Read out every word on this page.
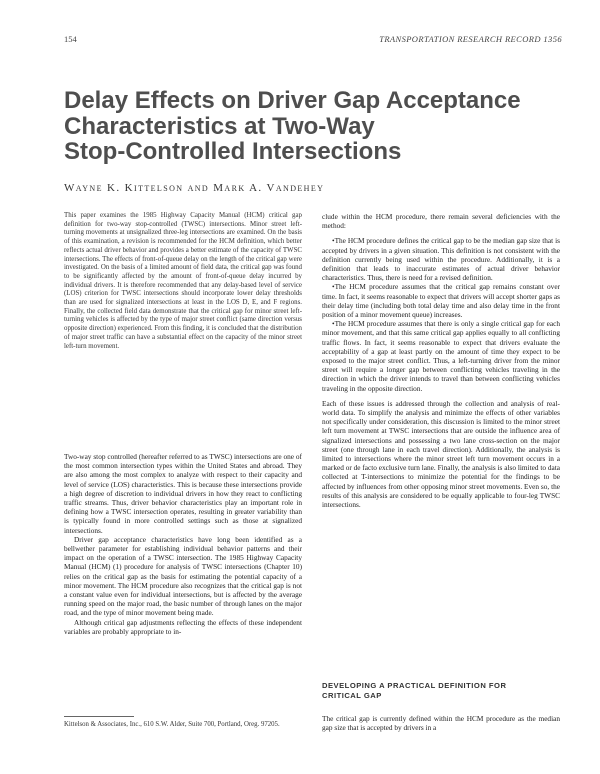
154	TRANSPORTATION RESEARCH RECORD 1356
Delay Effects on Driver Gap Acceptance
Characteristics at Two-Way
Stop-Controlled Intersections
Wayne K. Kittelson and Mark A. Vandehey

This paper examines the 1985 Highway Capacity Manual (HCM) critical gap definition for two-way stop-controlled (TWSC) intersections. Minor street left-turning movements at unsignalized three-leg intersections are examined. On the basis of this examination, a revision is recommended for the HCM definition, which better reflects actual driver behavior and provides a better estimate of the capacity of TWSC intersections. The effects of front-of-queue delay on the length of the critical gap were investigated. On the basis of a limited amount of field data, the critical gap was found to be significantly affected by the amount of front-of-queue delay incurred by individual drivers. It is therefore recommended that any delay-based level of service (LOS) criterion for TWSC intersections should incorporate lower delay thresholds than are used for signalized intersections at least in the LOS D, E, and F regions. Finally, the collected field data demonstrate that the critical gap for minor street left-turning vehicles is affected by the type of major street conflict (same direction versus opposite direction) experienced. From this finding, it is concluded that the distribution of major street traffic can have a substantial effect on the capacity of the minor street left-turn movement.

Two-way stop controlled (hereafter referred to as TWSC) intersections are one of the most common intersection types within the United States and abroad. They are also among the most complex to analyze with respect to their capacity and level of service (LOS) characteristics. This is because these intersections provide a high degree of discretion to individual drivers in how they react to conflicting traffic streams. Thus, driver behavior characteristics play an important role in defining how a TWSC intersection operates, resulting in greater variability than is typically found in more controlled settings such as those at signalized intersections.

Driver gap acceptance characteristics have long been identified as a bellwether parameter for establishing individual behavior patterns and their impact on the operation of a TWSC intersection. The 1985 Highway Capacity Manual (HCM) (1) procedure for analysis of TWSC intersections (Chapter 10) relies on the critical gap as the basis for estimating the potential capacity of a minor movement. The HCM procedure also recognizes that the critical gap is not a constant value even for individual intersections, but is affected by the average running speed on the major road, the basic number of through lanes on the major road, and the type of minor movement being made.

Although critical gap adjustments reflecting the effects of these independent variables are probably appropriate to in-

Kittelson & Associates, Inc., 610 S.W. Alder, Suite 700, Portland, Oreg. 97205.

clude within the HCM procedure, there remain several deficiencies with the method:

• The HCM procedure defines the critical gap to be the median gap size that is accepted by drivers in a given situation. This definition is not consistent with the definition currently being used within the procedure. Additionally, it is a definition that leads to inaccurate estimates of actual driver behavior characteristics. Thus, there is need for a revised definition.

• The HCM procedure assumes that the critical gap remains constant over time. In fact, it seems reasonable to expect that drivers will accept shorter gaps as their delay time (including both total delay time and also delay time in the front position of a minor movement queue) increases.

• The HCM procedure assumes that there is only a single critical gap for each minor movement, and that this same critical gap applies equally to all conflicting traffic flows. In fact, it seems reasonable to expect that drivers evaluate the acceptability of a gap at least partly on the amount of time they expect to be exposed to the major street conflict. Thus, a left-turning driver from the minor street will require a longer gap between conflicting vehicles traveling in the direction in which the driver intends to travel than between conflicting vehicles traveling in the opposite direction.

Each of these issues is addressed through the collection and analysis of real-world data. To simplify the analysis and minimize the effects of other variables not specifically under consideration, this discussion is limited to the minor street left turn movement at TWSC intersections that are outside the influence area of signalized intersections and possessing a two lane cross-section on the major street (one through lane in each travel direction). Additionally, the analysis is limited to intersections where the minor street left turn movement occurs in a marked or de facto exclusive turn lane. Finally, the analysis is also limited to data collected at T-intersections to minimize the potential for the findings to be affected by influences from other opposing minor street movements. Even so, the results of this analysis are considered to be equally applicable to four-leg TWSC intersections.

DEVELOPING A PRACTICAL DEFINITION FOR
CRITICAL GAP

The critical gap is currently defined within the HCM procedure as the median gap size that is accepted by drivers in a
